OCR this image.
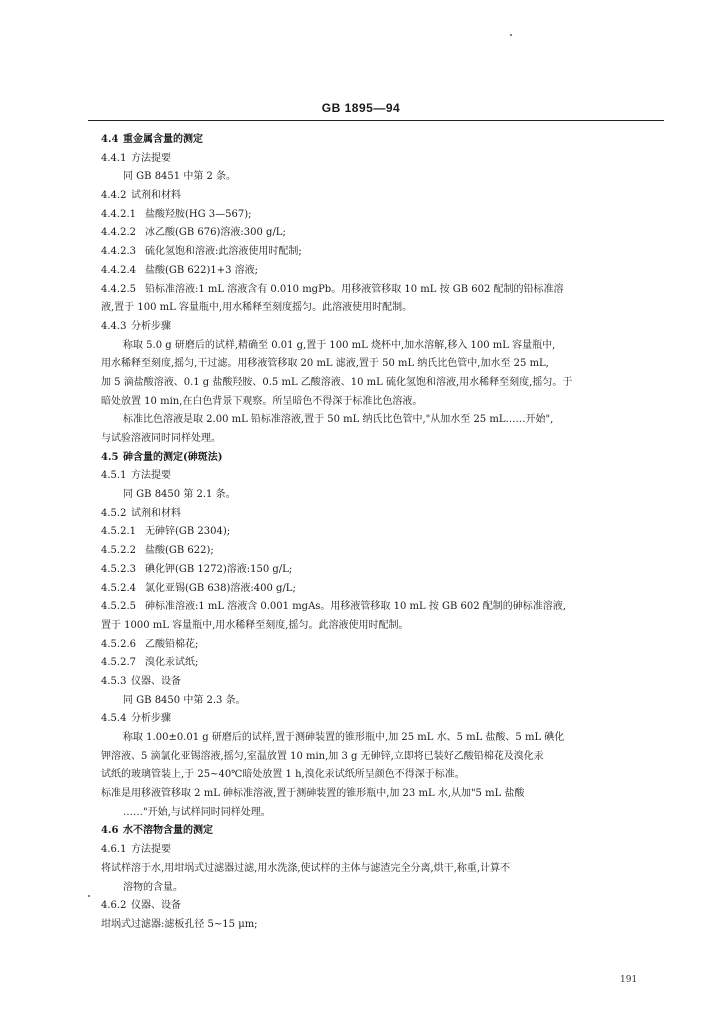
GB 1895—94
4.4 重金属含量的测定
4.4.1 方法提要
同 GB 8451 中第 2 条。
4.4.2 试剂和材料
4.4.2.1 盐酸羟胺(HG 3—567);
4.4.2.2 冰乙酸(GB 676)溶液:300 g/L;
4.4.2.3 硫化氢饱和溶液:此溶液使用时配制;
4.4.2.4 盐酸(GB 622)1+3 溶液;
4.4.2.5 铅标准溶液:1 mL 溶液含有 0.010 mgPb。用移液管移取 10 mL 按 GB 602 配制的铅标准溶
液,置于 100 mL 容量瓶中,用水稀释至刻度摇匀。此溶液使用时配制。
4.4.3 分析步骤
称取 5.0 g 研磨后的试样,精确至 0.01 g,置于 100 mL 烧杯中,加水溶解,移入 100 mL 容量瓶中,
用水稀释至刻度,摇匀,干过滤。用移液管移取 20 mL 滤液,置于 50 mL 纳氏比色管中,加水至 25 mL,
加 5 滴盐酸溶液、0.1 g 盐酸羟胺、0.5 mL 乙酸溶液、10 mL 硫化氢饱和溶液,用水稀释至刻度,摇匀。于
暗处放置 10 min,在白色背景下观察。所呈暗色不得深于标准比色溶液。
标准比色溶液是取 2.00 mL 铅标准溶液,置于 50 mL 纳氏比色管中,"从加水至 25 mL……开始",
与试验溶液同时同样处理。
4.5 砷含量的测定(砷斑法)
4.5.1 方法提要
同 GB 8450 第 2.1 条。
4.5.2 试剂和材料
4.5.2.1 无砷锌(GB 2304);
4.5.2.2 盐酸(GB 622);
4.5.2.3 碘化钾(GB 1272)溶液:150 g/L;
4.5.2.4 氯化亚锡(GB 638)溶液:400 g/L;
4.5.2.5 砷标准溶液:1 mL 溶液含 0.001 mgAs。用移液管移取 10 mL 按 GB 602 配制的砷标准溶液,
置于 1000 mL 容量瓶中,用水稀释至刻度,摇匀。此溶液使用时配制。
4.5.2.6 乙酸铅棉花;
4.5.2.7 溴化汞试纸;
4.5.3 仪器、设备
同 GB 8450 中第 2.3 条。
4.5.4 分析步骤
称取 1.00±0.01 g 研磨后的试样,置于测砷装置的锥形瓶中,加 25 mL 水、5 mL 盐酸、5 mL 碘化
钾溶液、5 滴氯化亚锡溶液,摇匀,室温放置 10 min,加 3 g 无砷锌,立即将已装好乙酸铅棉花及溴化汞
试纸的玻璃管装上,于 25~40℃暗处放置 1 h,溴化汞试纸所呈颜色不得深于标准。
标准是用移液管移取 2 mL 砷标准溶液,置于测砷装置的锥形瓶中,加 23 mL 水,从加"5 mL 盐酸
……"开始,与试样同时同样处理。
4.6 水不溶物含量的测定
4.6.1 方法提要
将试样溶于水,用坩埚式过滤器过滤,用水洗涤,使试样的主体与滤渣完全分离,烘干,称重,计算不
溶物的含量。
4.6.2 仪器、设备
坩埚式过滤器:滤板孔径 5~15 μm;
191
